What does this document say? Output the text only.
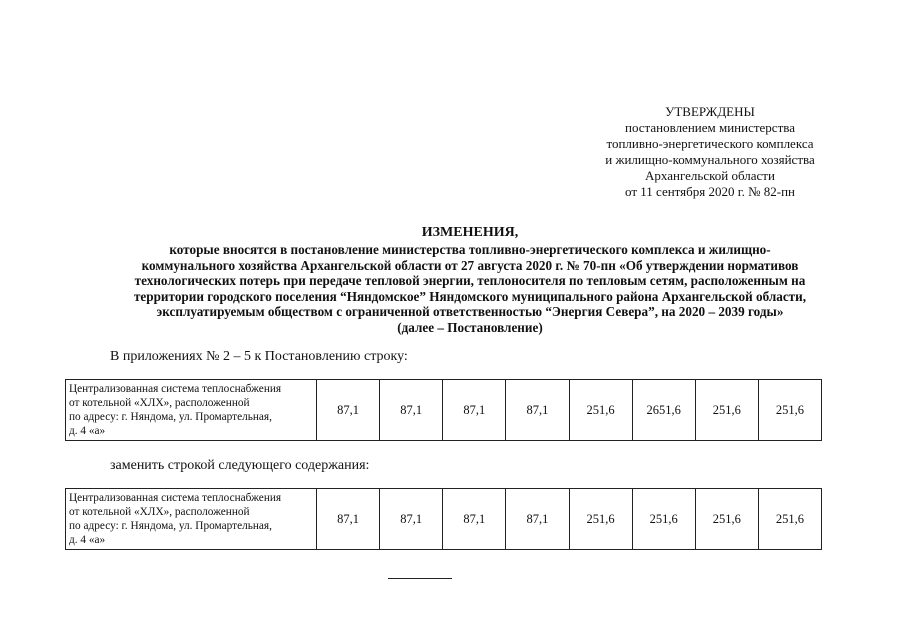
УТВЕРЖДЕНЫ
постановлением министерства
топливно-энергетического комплекса
и жилищно-коммунального хозяйства
Архангельской области
от 11 сентября 2020 г. № 82-пн
ИЗМЕНЕНИЯ,
которые вносятся в постановление министерства топливно-энергетического комплекса и жилищно-
коммунального хозяйства Архангельской области от 27 августа 2020 г. № 70-пн «Об утверждении нормативов
технологических потерь при передаче тепловой энергии, теплоносителя по тепловым сетям, расположенным на
территории городского поселения “Няндомское” Няндомского муниципального района Архангельской области,
эксплуатируемым обществом с ограниченной ответственностью “Энергия Севера”, на 2020 – 2039 годы»
(далее – Постановление)
В приложениях № 2 – 5 к Постановлению строку:
Централизованная система теплоснабжения
от котельной «ХЛХ», расположенной
по адресу: г. Няндома, ул. Промартельная,
д. 4 «а»
	87,1	87,1	87,1	87,1	251,6	2651,6	251,6	251,6
заменить строкой следующего содержания:
Централизованная система теплоснабжения
от котельной «ХЛХ», расположенной
по адресу: г. Няндома, ул. Промартельная,
д. 4 «а»
	87,1	87,1	87,1	87,1	251,6	251,6	251,6	251,6
